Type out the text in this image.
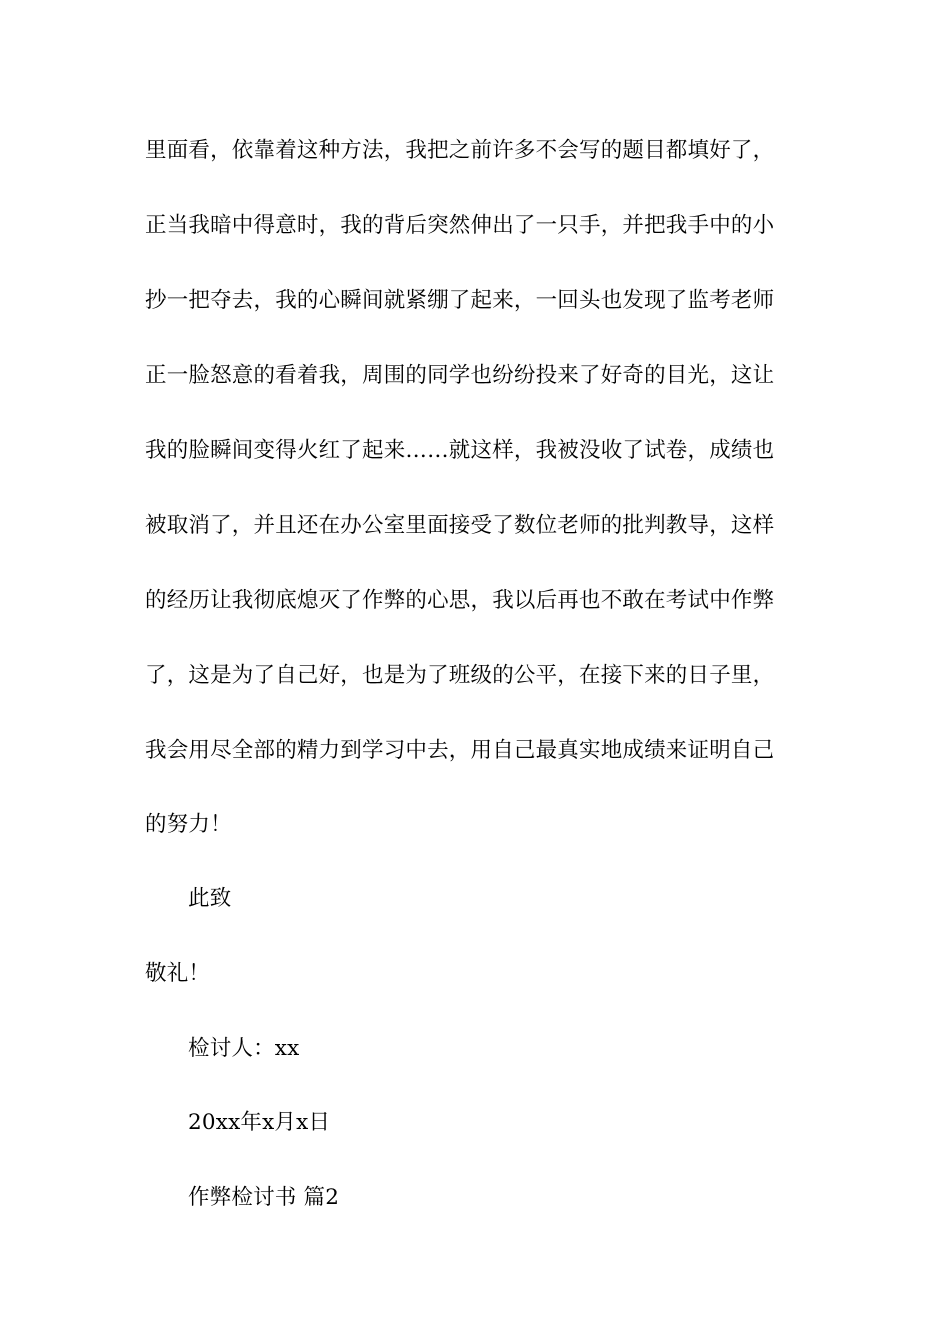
里面看，依靠着这种方法，我把之前许多不会写的题目都填好了，
正当我暗中得意时，我的背后突然伸出了一只手，并把我手中的小
抄一把夺去，我的心瞬间就紧绷了起来，一回头也发现了监考老师
正一脸怒意的看着我，周围的同学也纷纷投来了好奇的目光，这让
我的脸瞬间变得火红了起来……就这样，我被没收了试卷，成绩也
被取消了，并且还在办公室里面接受了数位老师的批判教导，这样
的经历让我彻底熄灭了作弊的心思，我以后再也不敢在考试中作弊
了，这是为了自己好，也是为了班级的公平，在接下来的日子里，
我会用尽全部的精力到学习中去，用自己最真实地成绩来证明自己
的努力！
此致
敬礼！
检讨人：xx
20xx年x月x日
作弊检讨书 篇2
